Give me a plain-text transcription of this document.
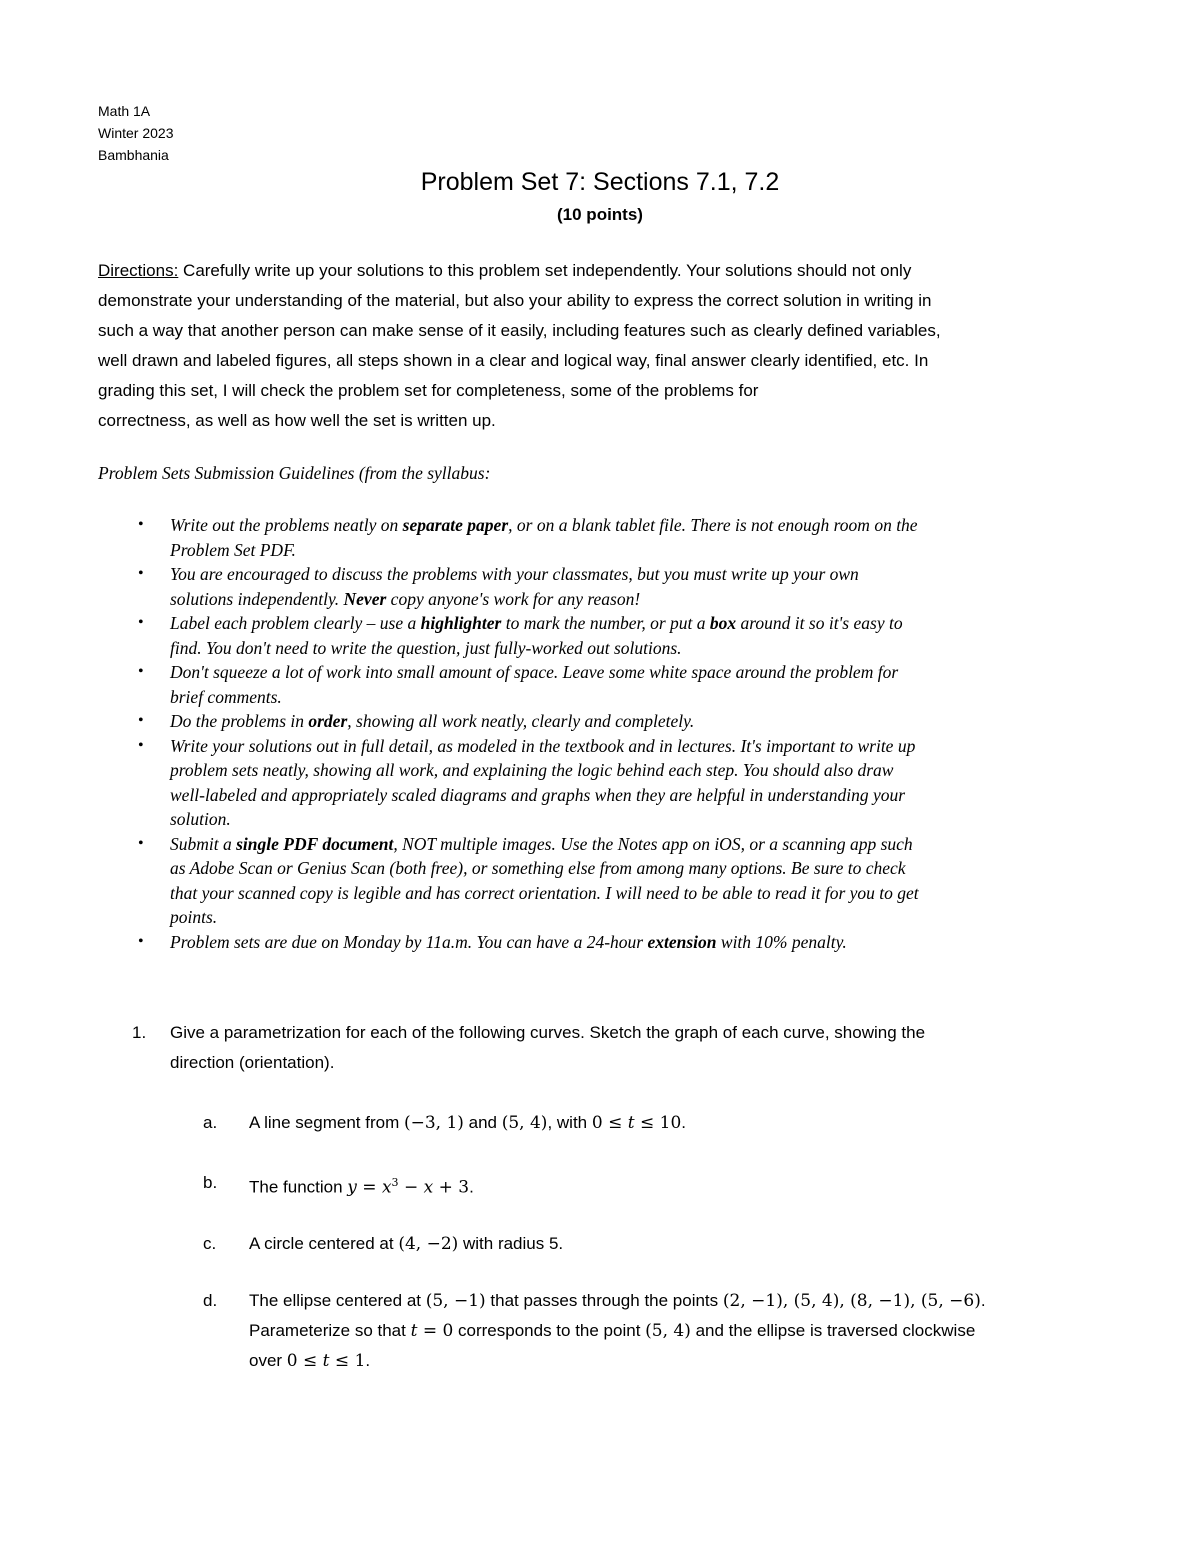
Math 1A
Winter 2023
Bambhania
Problem Set 7: Sections 7.1, 7.2
(10 points)
Directions: Carefully write up your solutions to this problem set independently. Your solutions should not only
demonstrate your understanding of the material, but also your ability to express the correct solution in writing in
such a way that another person can make sense of it easily, including features such as clearly defined variables,
well drawn and labeled figures, all steps shown in a clear and logical way, final answer clearly identified, etc. In
grading this set, I will check the problem set for completeness, some of the problems for
correctness, as well as how well the set is written up.
Problem Sets Submission Guidelines (from the syllabus:
• Write out the problems neatly on separate paper, or on a blank tablet file. There is not enough room on the
Problem Set PDF.
• You are encouraged to discuss the problems with your classmates, but you must write up your own
solutions independently. Never copy anyone's work for any reason!
• Label each problem clearly – use a highlighter to mark the number, or put a box around it so it's easy to
find. You don't need to write the question, just fully-worked out solutions.
• Don't squeeze a lot of work into small amount of space. Leave some white space around the problem for
brief comments.
• Do the problems in order, showing all work neatly, clearly and completely.
• Write your solutions out in full detail, as modeled in the textbook and in lectures. It's important to write up
problem sets neatly, showing all work, and explaining the logic behind each step. You should also draw
well-labeled and appropriately scaled diagrams and graphs when they are helpful in understanding your
solution.
• Submit a single PDF document, NOT multiple images. Use the Notes app on iOS, or a scanning app such
as Adobe Scan or Genius Scan (both free), or something else from among many options. Be sure to check
that your scanned copy is legible and has correct orientation. I will need to be able to read it for you to get
points.
• Problem sets are due on Monday by 11a.m. You can have a 24-hour extension with 10% penalty.
1. Give a parametrization for each of the following curves. Sketch the graph of each curve, showing the
direction (orientation).
a. A line segment from (−3, 1) and (5, 4), with 0 ≤ t ≤ 10.
b. The function $y = x^3 - x + 3$.
c. A circle centered at (4, −2) with radius 5.
d. The ellipse centered at (5, −1) that passes through the points (2, −1), (5, 4), (8, −1), (5, −6).
Parameterize so that t = 0 corresponds to the point (5, 4) and the ellipse is traversed clockwise
over 0 ≤ t ≤ 1.
